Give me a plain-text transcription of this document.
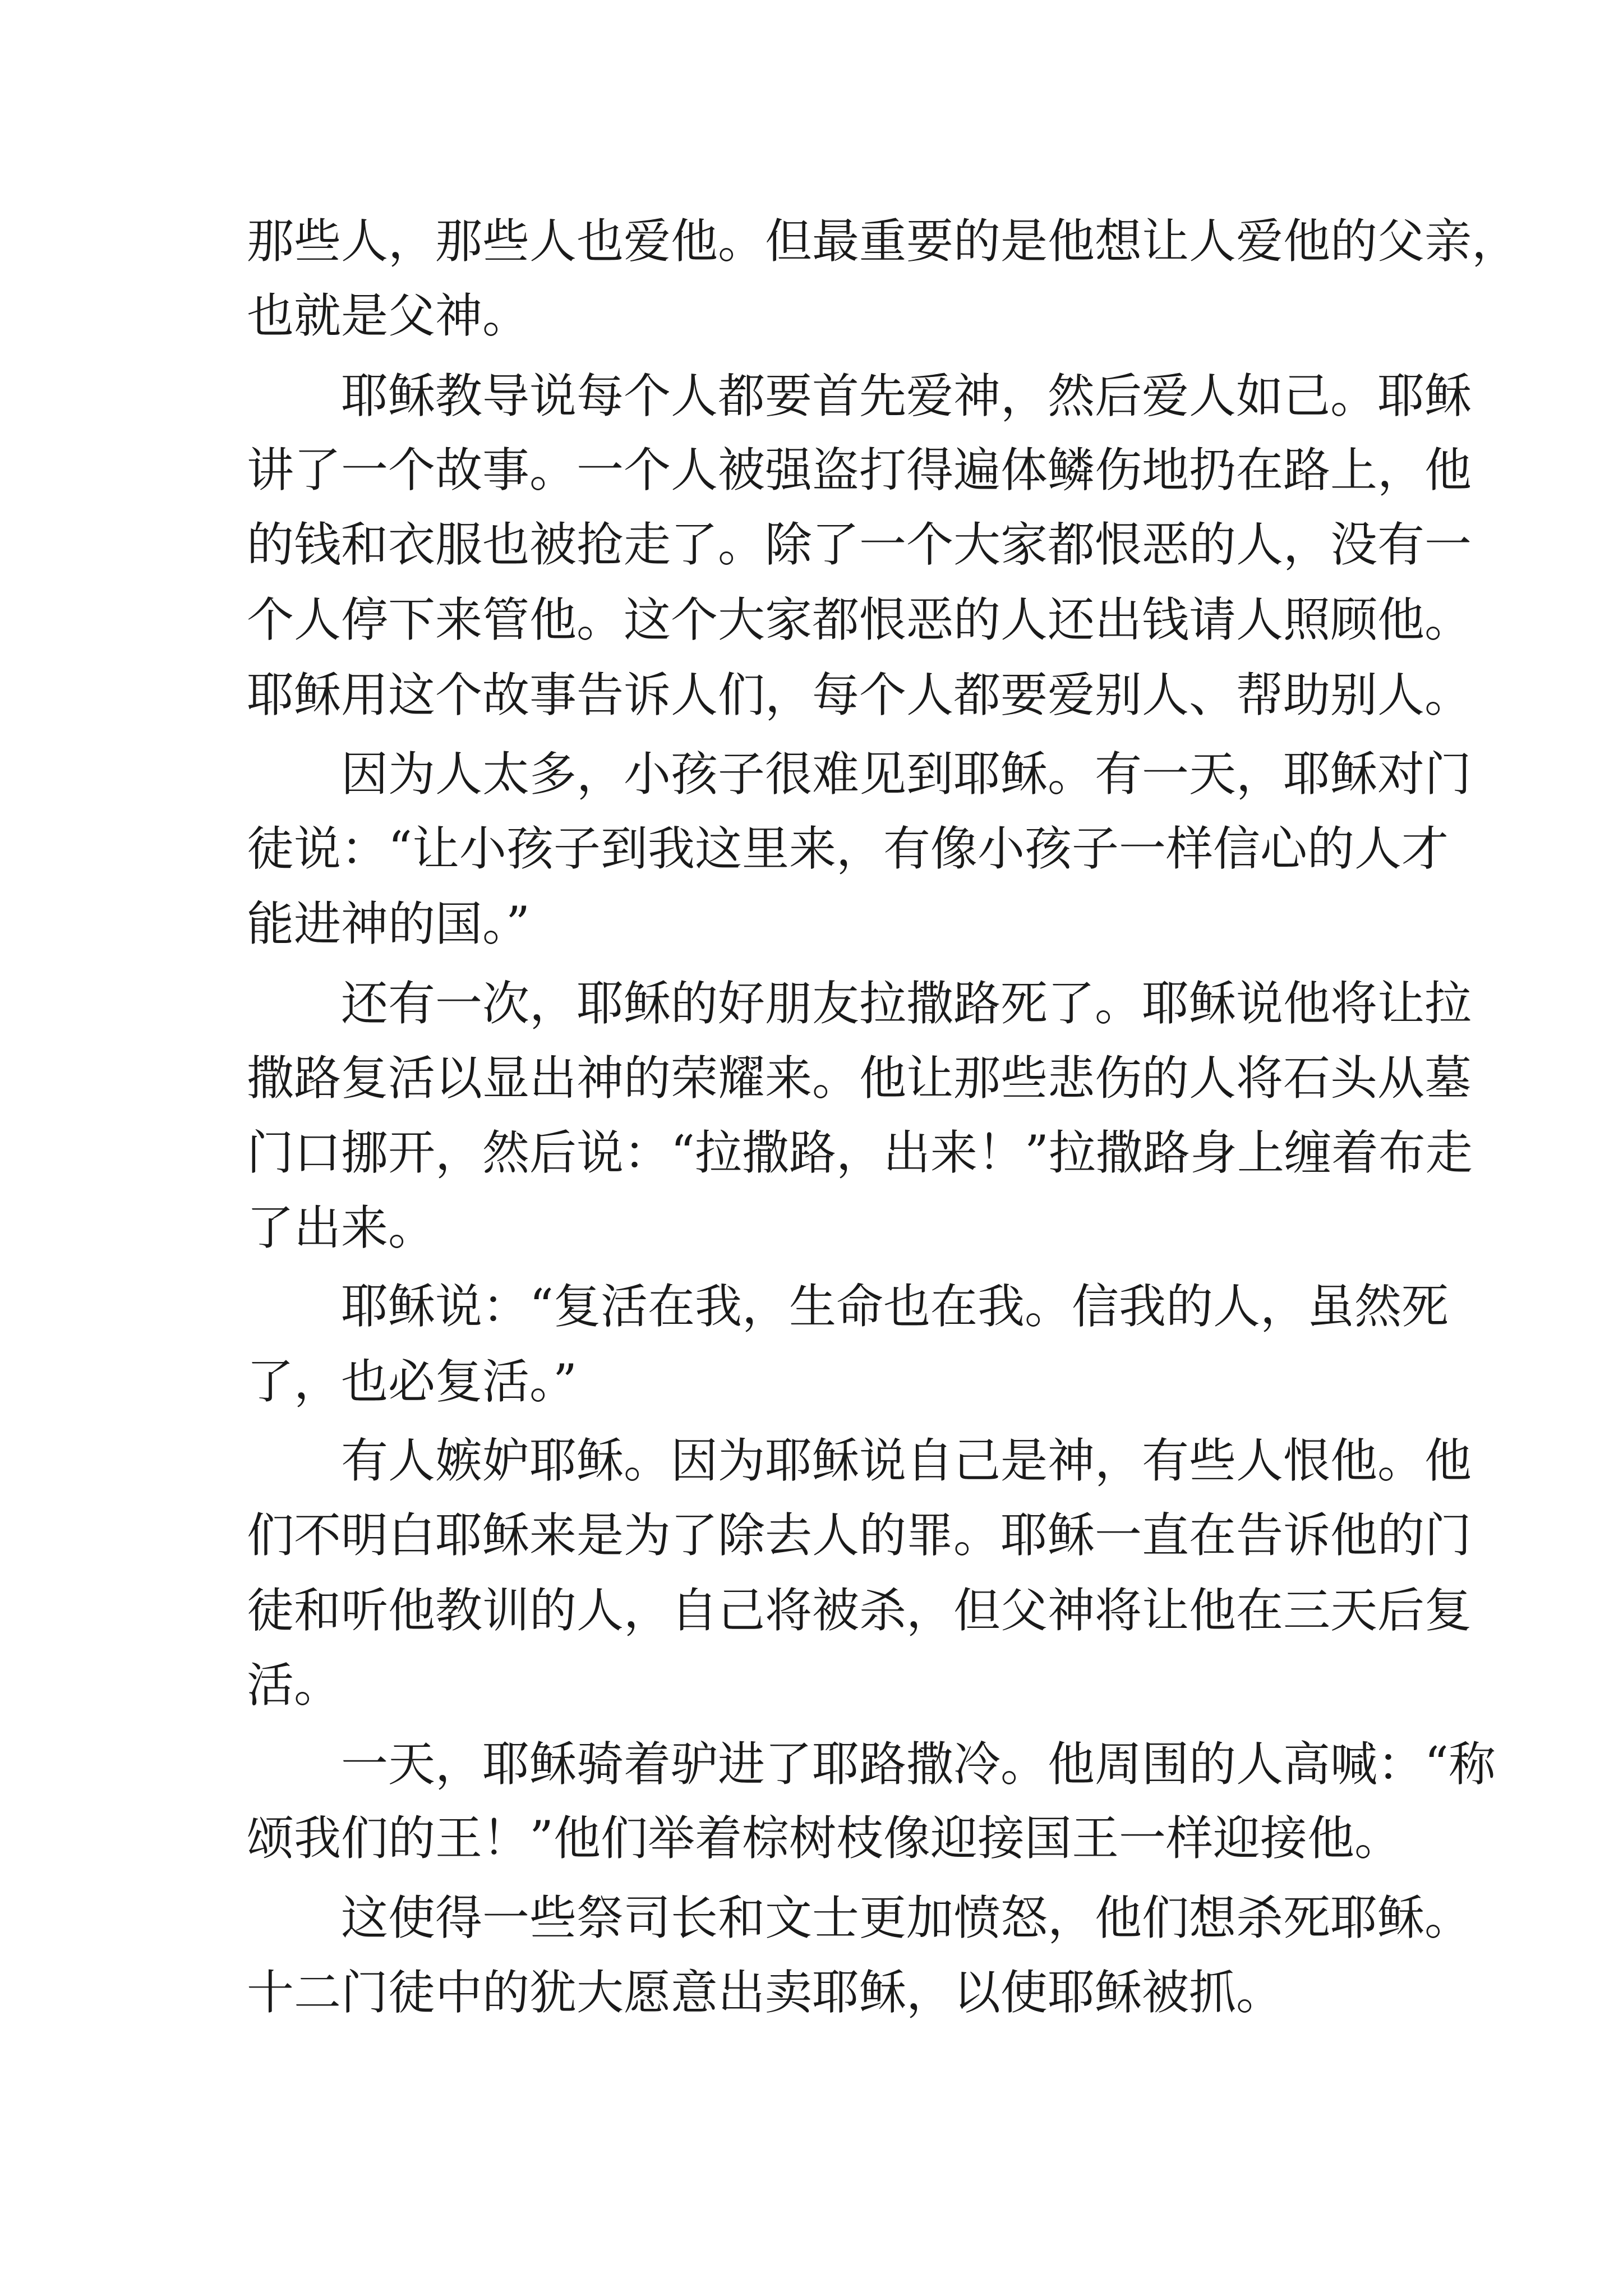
那些人，那些人也爱他。但最重要的是他想让人爱他的父亲，
也就是父神。
　　耶稣教导说每个人都要首先爱神，然后爱人如己。耶稣
讲了一个故事。一个人被强盗打得遍体鳞伤地扔在路上，他
的钱和衣服也被抢走了。除了一个大家都恨恶的人，没有一
个人停下来管他。这个大家都恨恶的人还出钱请人照顾他。
耶稣用这个故事告诉人们，每个人都要爱别人、帮助别人。
　　因为人太多，小孩子很难见到耶稣。有一天，耶稣对门
徒说：“让小孩子到我这里来，有像小孩子一样信心的人才
能进神的国。”
　　还有一次，耶稣的好朋友拉撒路死了。耶稣说他将让拉
撒路复活以显出神的荣耀来。他让那些悲伤的人将石头从墓
门口挪开，然后说：“拉撒路，出来！”拉撒路身上缠着布走
了出来。
　　耶稣说：“复活在我，生命也在我。信我的人，虽然死
了，也必复活。”
　　有人嫉妒耶稣。因为耶稣说自己是神，有些人恨他。他
们不明白耶稣来是为了除去人的罪。耶稣一直在告诉他的门
徒和听他教训的人，自己将被杀，但父神将让他在三天后复
活。
　　一天，耶稣骑着驴进了耶路撒冷。他周围的人高喊：“称
颂我们的王！”他们举着棕树枝像迎接国王一样迎接他。
　　这使得一些祭司长和文士更加愤怒，他们想杀死耶稣。
十二门徒中的犹大愿意出卖耶稣，以使耶稣被抓。
